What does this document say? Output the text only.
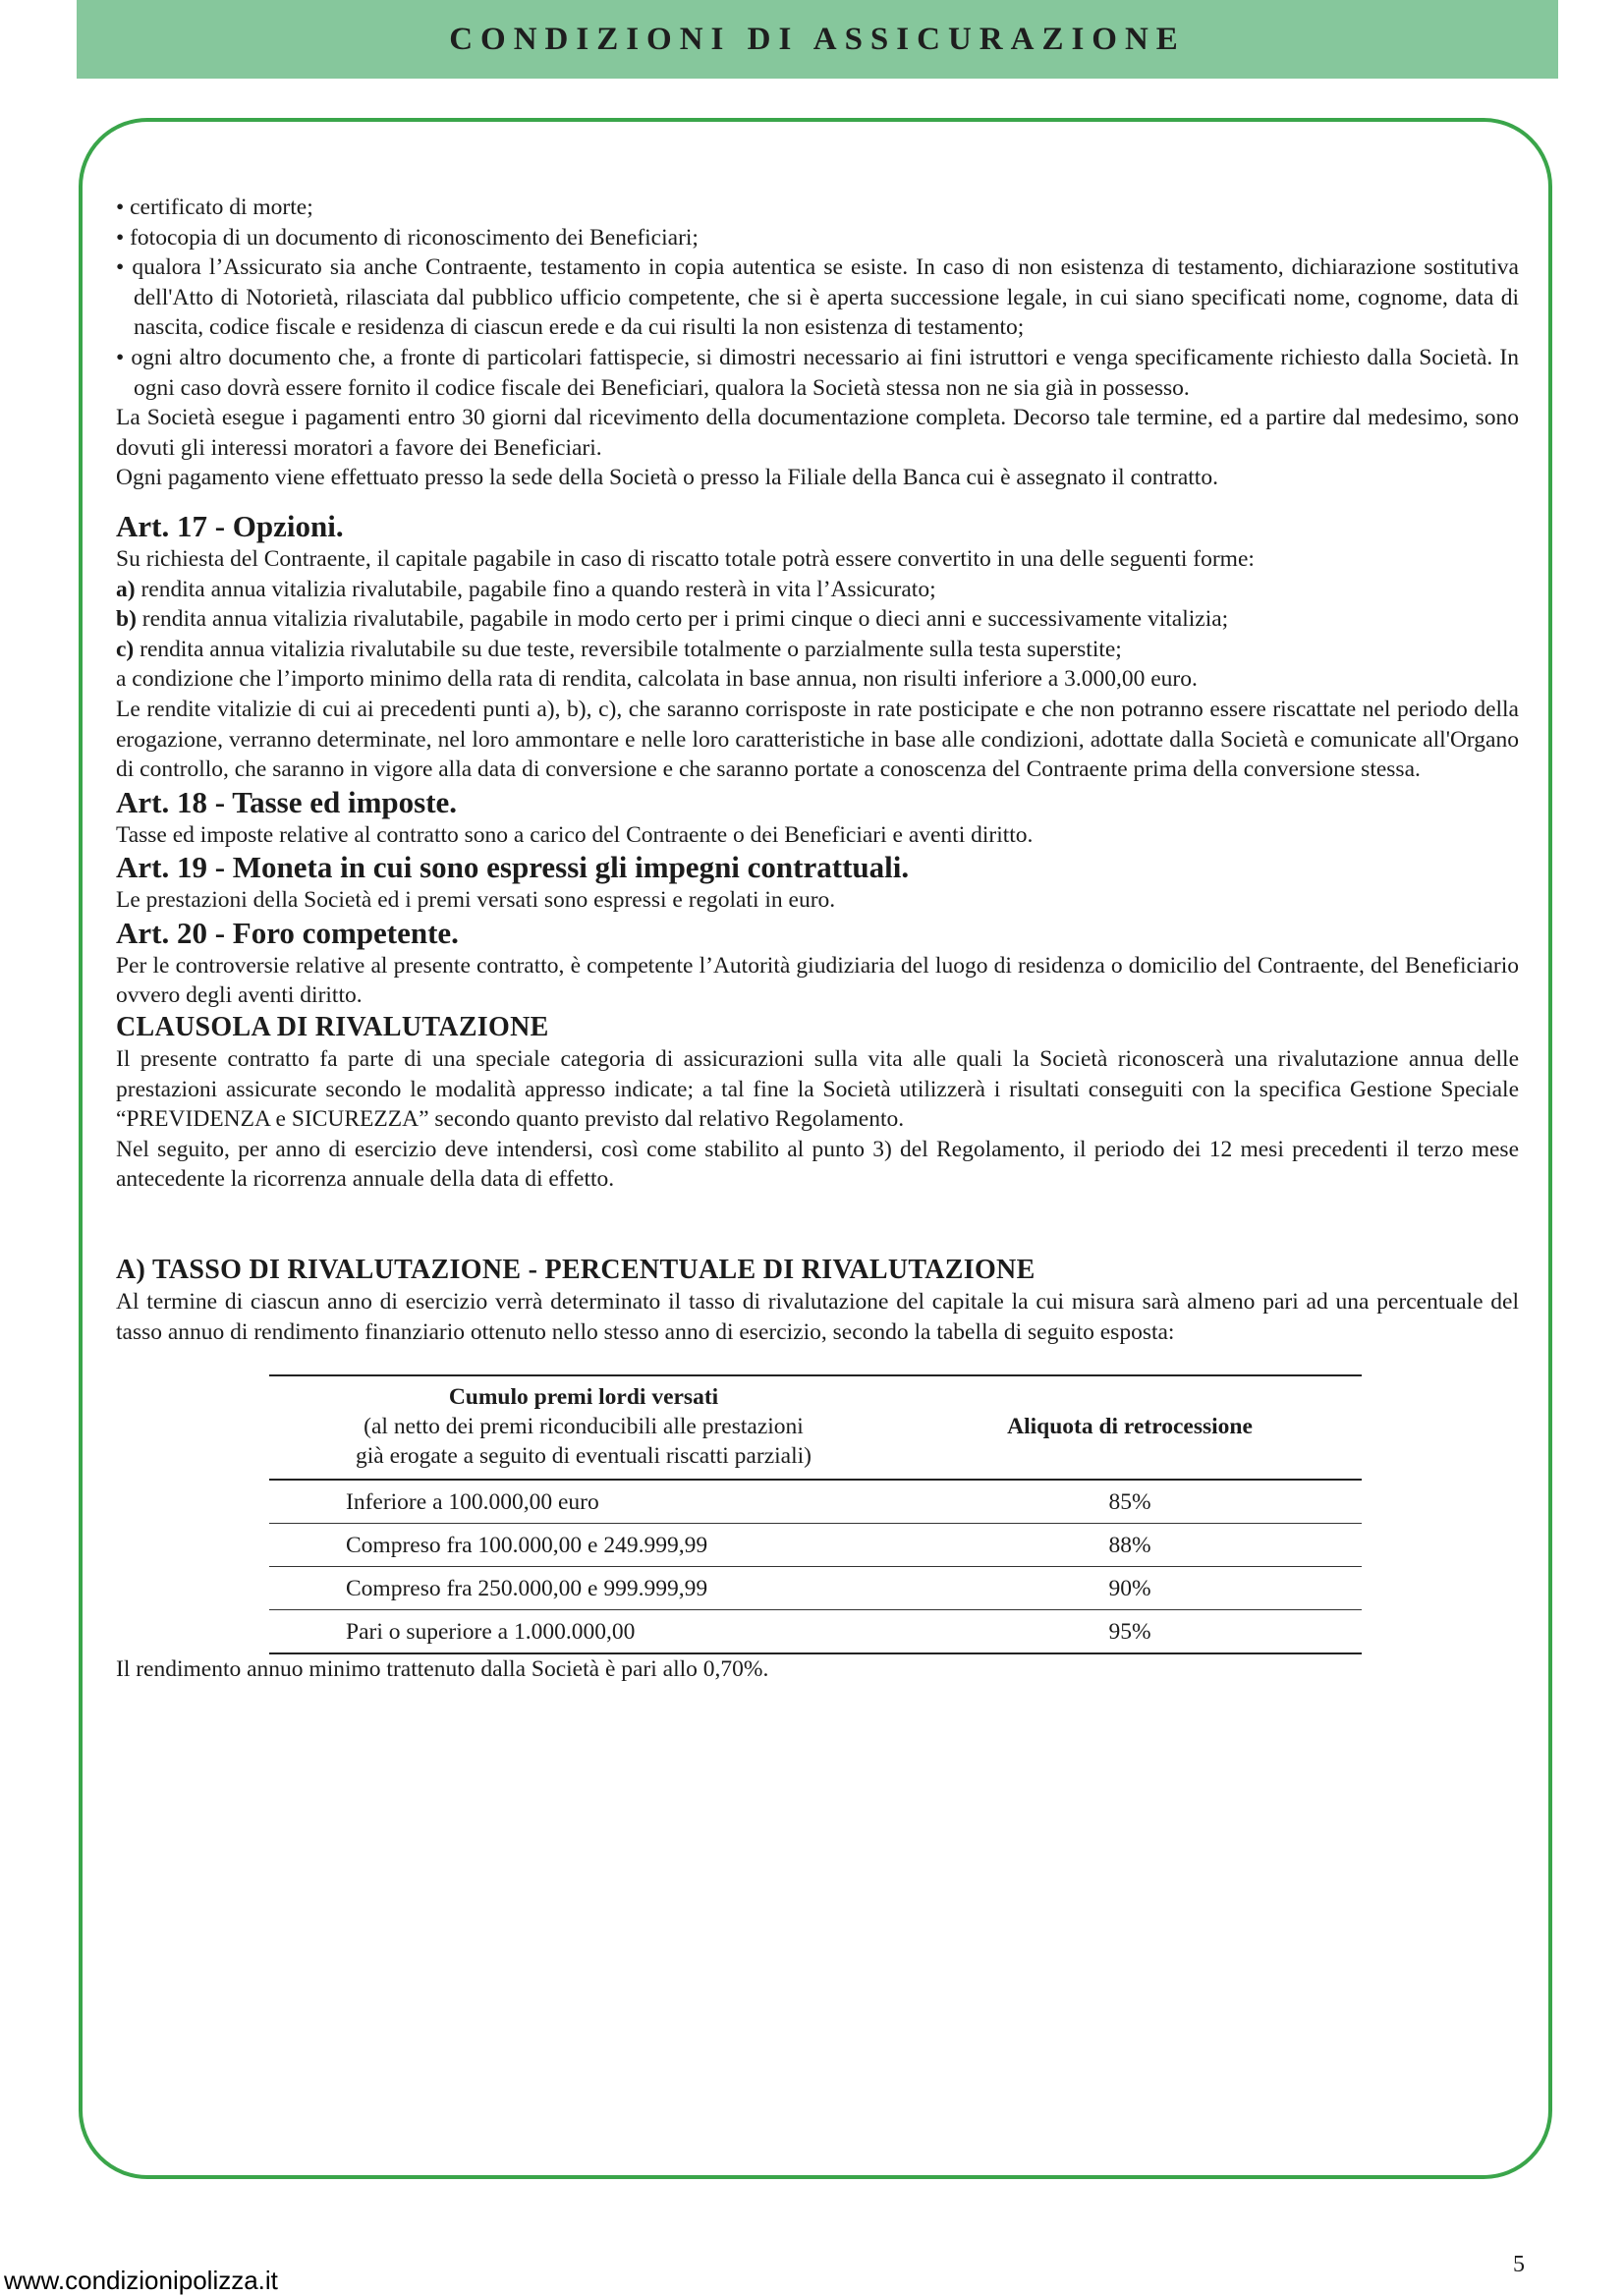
CONDIZIONI DI ASSICURAZIONE

• certificato di morte;

• fotocopia di un documento di riconoscimento dei Beneficiari;

• qualora l’Assicurato sia anche Contraente, testamento in copia autentica se esiste. In caso di non esistenza di testamento, dichiarazione sostitutiva dell'Atto di Notorietà, rilasciata dal pubblico ufficio competente, che si è aperta successione legale, in cui siano specificati nome, cognome, data di nascita, codice fiscale e residenza di ciascun erede e da cui risulti la non esistenza di testamento;

• ogni altro documento che, a fronte di particolari fattispecie, si dimostri necessario ai fini istruttori e venga specificamente richiesto dalla Società. In ogni caso dovrà essere fornito il codice fiscale dei Beneficiari, qualora la Società stessa non ne sia già in possesso.

La Società esegue i pagamenti entro 30 giorni dal ricevimento della documentazione completa. Decorso tale termine, ed a partire dal medesimo, sono dovuti gli interessi moratori a favore dei Beneficiari.

Ogni pagamento viene effettuato presso la sede della Società o presso la Filiale della Banca cui è assegnato il contratto.

Art. 17 - Opzioni.

Su richiesta del Contraente, il capitale pagabile in caso di riscatto totale potrà essere convertito in una delle seguenti forme:

a) rendita annua vitalizia rivalutabile, pagabile fino a quando resterà in vita l’Assicurato;

b) rendita annua vitalizia rivalutabile, pagabile in modo certo per i primi cinque o dieci anni e successivamente vitalizia;

c) rendita annua vitalizia rivalutabile su due teste, reversibile totalmente o parzialmente sulla testa superstite;

a condizione che l’importo minimo della rata di rendita, calcolata in base annua, non risulti inferiore a 3.000,00 euro.

Le rendite vitalizie di cui ai precedenti punti a), b), c), che saranno corrisposte in rate posticipate e che non potranno essere riscattate nel periodo della erogazione, verranno determinate, nel loro ammontare e nelle loro caratteristiche in base alle condizioni, adottate dalla Società e comunicate all'Organo di controllo, che saranno in vigore alla data di conversione e che saranno portate a conoscenza del Contraente prima della conversione stessa.

Art. 18 - Tasse ed imposte.

Tasse ed imposte relative al contratto sono a carico del Contraente o dei Beneficiari e aventi diritto.

Art. 19 - Moneta in cui sono espressi gli impegni contrattuali.

Le prestazioni della Società ed i premi versati sono espressi e regolati in euro.

Art. 20 - Foro competente.

Per le controversie relative al presente contratto, è competente l’Autorità giudiziaria del luogo di residenza o domicilio del Contraente, del Beneficiario ovvero degli aventi diritto.

CLAUSOLA DI RIVALUTAZIONE

Il presente contratto fa parte di una speciale categoria di assicurazioni sulla vita alle quali la Società riconoscerà una rivalutazione annua delle prestazioni assicurate secondo le modalità appresso indicate; a tal fine la Società utilizzerà i risultati conseguiti con la specifica Gestione Speciale “PREVIDENZA e SICUREZZA” secondo quanto previsto dal relativo Regolamento.

Nel seguito, per anno di esercizio deve intendersi, così come stabilito al punto 3) del Regolamento, il periodo dei 12 mesi precedenti il terzo mese antecedente la ricorrenza annuale della data di effetto.

A) TASSO DI RIVALUTAZIONE - PERCENTUALE DI RIVALUTAZIONE

Al termine di ciascun anno di esercizio verrà determinato il tasso di rivalutazione del capitale la cui misura sarà almeno pari ad una percentuale del tasso annuo di rendimento finanziario ottenuto nello stesso anno di esercizio, secondo la tabella di seguito esposta:

Cumulo premi lordi versati
(al netto dei premi riconducibili alle prestazioni
già erogate a seguito di eventuali riscatti parziali)	Aliquota di retrocessione
Inferiore a 100.000,00 euro	85%
Compreso fra 100.000,00 e 249.999,99	88%
Compreso fra 250.000,00 e 999.999,99	90%
Pari o superiore a 1.000.000,00	95%

Il rendimento annuo minimo trattenuto dalla Società è pari allo 0,70%.

5
www.condizionipolizza.it
